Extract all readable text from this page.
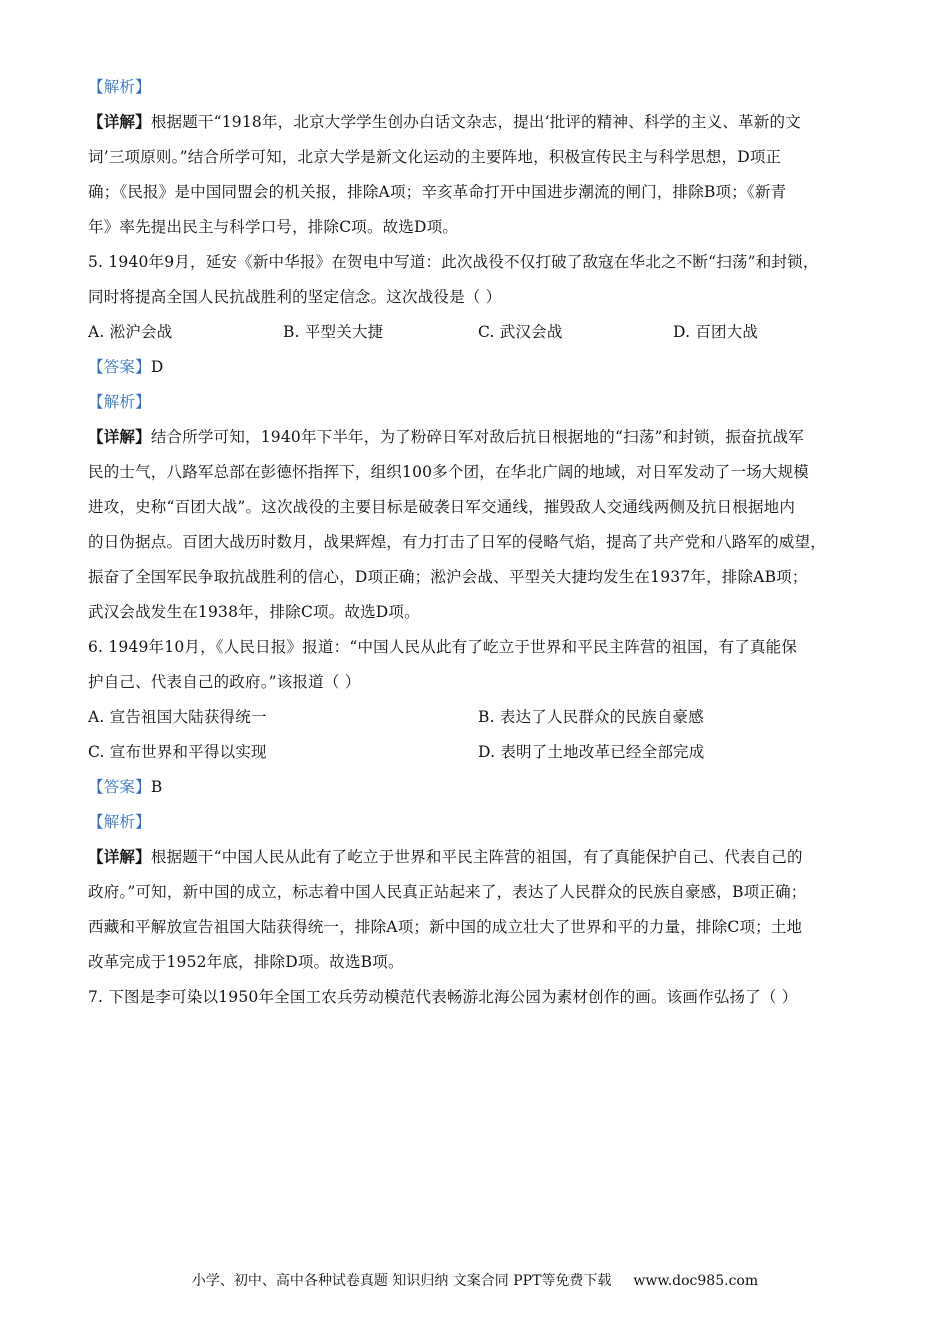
【解析】

【详解】根据题干“1918年，北京大学学生创办白话文杂志，提出‘批评的精神、科学的主义、革新的文

词’三项原则。”结合所学可知，北京大学是新文化运动的主要阵地，积极宣传民主与科学思想，D项正

确；《民报》是中国同盟会的机关报，排除A项；辛亥革命打开中国进步潮流的闸门，排除B项；《新青

年》率先提出民主与科学口号，排除C项。故选D项。

5. 1940年9月，延安《新中华报》在贺电中写道：此次战役不仅打破了敌寇在华北之不断“扫荡”和封锁，

同时将提高全国人民抗战胜利的坚定信念。这次战役是（ ）

A. 淞沪会战	B. 平型关大捷	C. 武汉会战	D. 百团大战

【答案】D

【解析】

【详解】结合所学可知，1940年下半年，为了粉碎日军对敌后抗日根据地的“扫荡”和封锁，振奋抗战军

民的士气，八路军总部在彭德怀指挥下，组织100多个团，在华北广阔的地域，对日军发动了一场大规模

进攻，史称“百团大战”。这次战役的主要目标是破袭日军交通线，摧毁敌人交通线两侧及抗日根据地内

的日伪据点。百团大战历时数月，战果辉煌，有力打击了日军的侵略气焰，提高了共产党和八路军的威望，

振奋了全国军民争取抗战胜利的信心，D项正确；淞沪会战、平型关大捷均发生在1937年，排除AB项；

武汉会战发生在1938年，排除C项。故选D项。

6. 1949年10月，《人民日报》报道：“中国人民从此有了屹立于世界和平民主阵营的祖国，有了真能保

护自己、代表自己的政府。”该报道（ ）

A. 宣告祖国大陆获得统一	B. 表达了人民群众的民族自豪感

C. 宣布世界和平得以实现	D. 表明了土地改革已经全部完成

【答案】B

【解析】

【详解】根据题干“中国人民从此有了屹立于世界和平民主阵营的祖国，有了真能保护自己、代表自己的

政府。”可知，新中国的成立，标志着中国人民真正站起来了，表达了人民群众的民族自豪感，B项正确；

西藏和平解放宣告祖国大陆获得统一，排除A项；新中国的成立壮大了世界和平的力量，排除C项；土地

改革完成于1952年底，排除D项。故选B项。

7. 下图是李可染以1950年全国工农兵劳动模范代表畅游北海公园为素材创作的画。该画作弘扬了（ ）

小学、初中、高中各种试卷真题 知识归纳 文案合同 PPT等免费下载 www.doc985.com
